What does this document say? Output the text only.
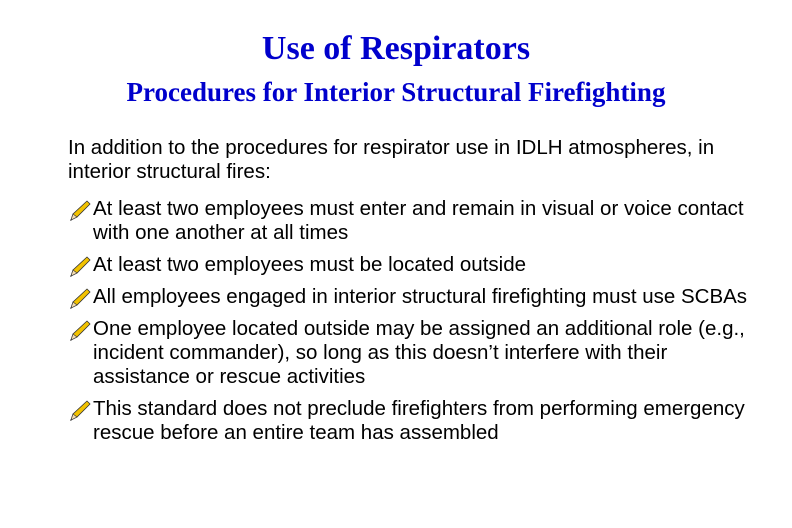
Use of Respirators
Procedures for Interior Structural Firefighting

In addition to the procedures for respirator use in IDLH atmospheres, in interior structural fires:

At least two employees must enter and remain in visual or voice contact with one another at all times
At least two employees must be located outside
All employees engaged in interior structural firefighting must use SCBAs
One employee located outside may be assigned an additional role (e.g., incident commander), so long as this doesn’t interfere with their assistance or rescue activities
This standard does not preclude firefighters from performing emergency rescue before an entire team has assembled
